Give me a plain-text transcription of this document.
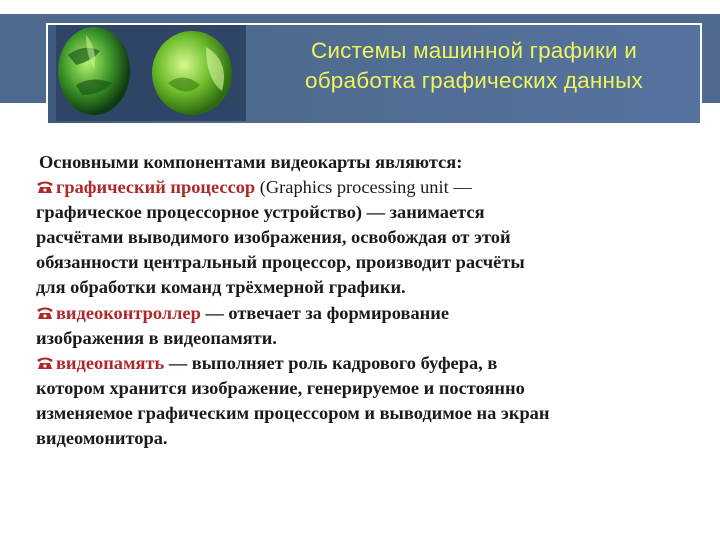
Системы машинной графики и
обработка графических данных
Основными компонентами видеокарты являются:
графический процессор (Graphics processing unit —
графическое процессорное устройство) — занимается
расчётами выводимого изображения, освобождая от этой
обязанности центральный процессор, производит расчёты
для обработки команд трёхмерной графики.
видеоконтроллер — отвечает за формирование
изображения в видеопамяти.
видеопамять — выполняет роль кадрового буфера, в
котором хранится изображение, генерируемое и постоянно
изменяемое графическим процессором и выводимое на экран
видеомонитора.
